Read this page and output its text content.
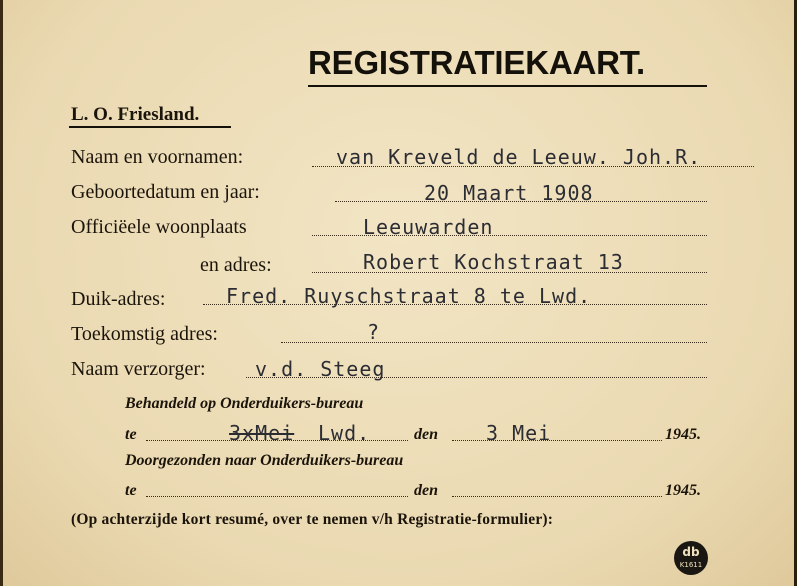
REGISTRATIEKAART.
L. O. Friesland.
Naam en voornamen:	van Kreveld de Leeuw. Joh.R.
Geboortedatum en jaar:	20 Maart 1908
Officiëele woonplaats	Leeuwarden
en adres:	Robert Kochstraat 13
Duik-adres:	Fred. Ruyschstraat 8 te Lwd.
Toekomstig adres:	?
Naam verzorger: v.d. Steeg
Behandeld op Onderduikers-bureau
te	3xMei Lwd.	den 3 Mei	1945.
Doorgezonden naar Onderduikers-bureau
te	den	1945.
(Op achterzijde kort resumé, over te nemen v/h Registratie-formulier):
db
K1611
